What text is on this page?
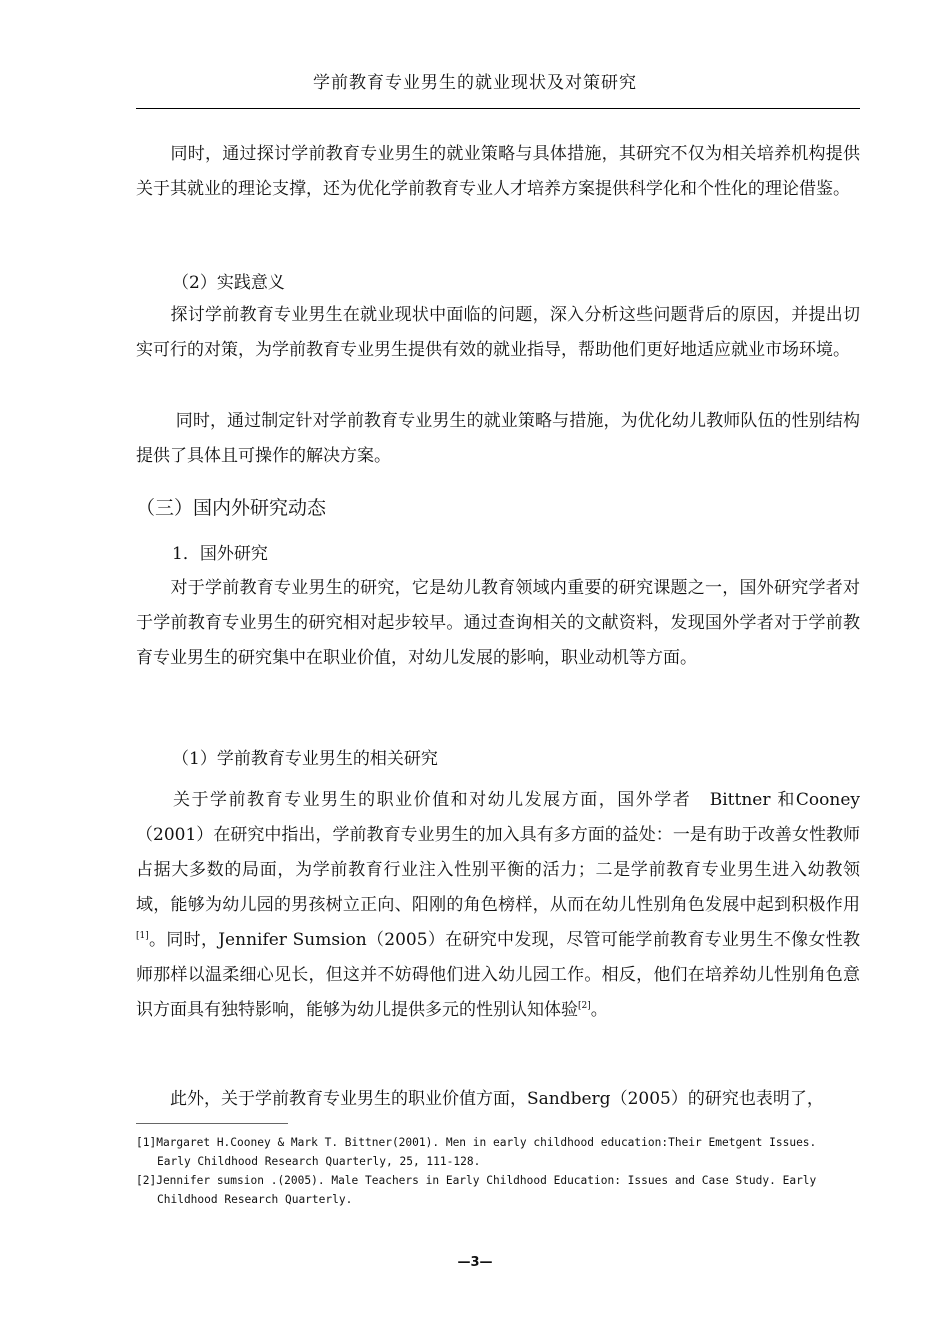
学前教育专业男生的就业现状及对策研究
　　同时，通过探讨学前教育专业男生的就业策略与具体措施，其研究不仅为相关培养机构提供关于其就业的理论支撑，还为优化学前教育专业人才培养方案提供科学化和个性化的理论借鉴。
（2）实践意义
　　探讨学前教育专业男生在就业现状中面临的问题，深入分析这些问题背后的原因，并提出切实可行的对策，为学前教育专业男生提供有效的就业指导，帮助他们更好地适应就业市场环境。
　　 同时，通过制定针对学前教育专业男生的就业策略与措施，为优化幼儿教师队伍的性别结构提供了具体且可操作的解决方案。
（三）国内外研究动态
1．国外研究
　　对于学前教育专业男生的研究，它是幼儿教育领域内重要的研究课题之一，国外研究学者对于学前教育专业男生的研究相对起步较早。通过查询相关的文献资料，发现国外学者对于学前教育专业男生的研究集中在职业价值，对幼儿发展的影响，职业动机等方面。
（1）学前教育专业男生的相关研究
　　关于学前教育专业男生的职业价值和对幼儿发展方面，国外学者　Bittner 和Cooney （2001）在研究中指出，学前教育专业男生的加入具有多方面的益处：一是有助于改善女性教师占据大多数的局面，为学前教育行业注入性别平衡的活力；二是学前教育专业男生进入幼教领域，能够为幼儿园的男孩树立正向、阳刚的角色榜样，从而在幼儿性别角色发展中起到积极作用[1]。同时，Jennifer Sumsion（2005）在研究中发现，尽管可能学前教育专业男生不像女性教师那样以温柔细心见长，但这并不妨碍他们进入幼儿园工作。相反，他们在培养幼儿性别角色意识方面具有独特影响，能够为幼儿提供多元的性别认知体验[2]。
　　此外，关于学前教育专业男生的职业价值方面，Sandberg（2005）的研究也表明了，
[1]Margaret H.Cooney & Mark T. Bittner(2001). Men in early childhood education:Their Emetgent Issues.
Early Childhood Research Quarterly, 25, 111-128.
[2]Jennifer sumsion .(2005). Male Teachers in Early Childhood Education: Issues and Case Study. Early
Childhood Research Quarterly.
—3—
